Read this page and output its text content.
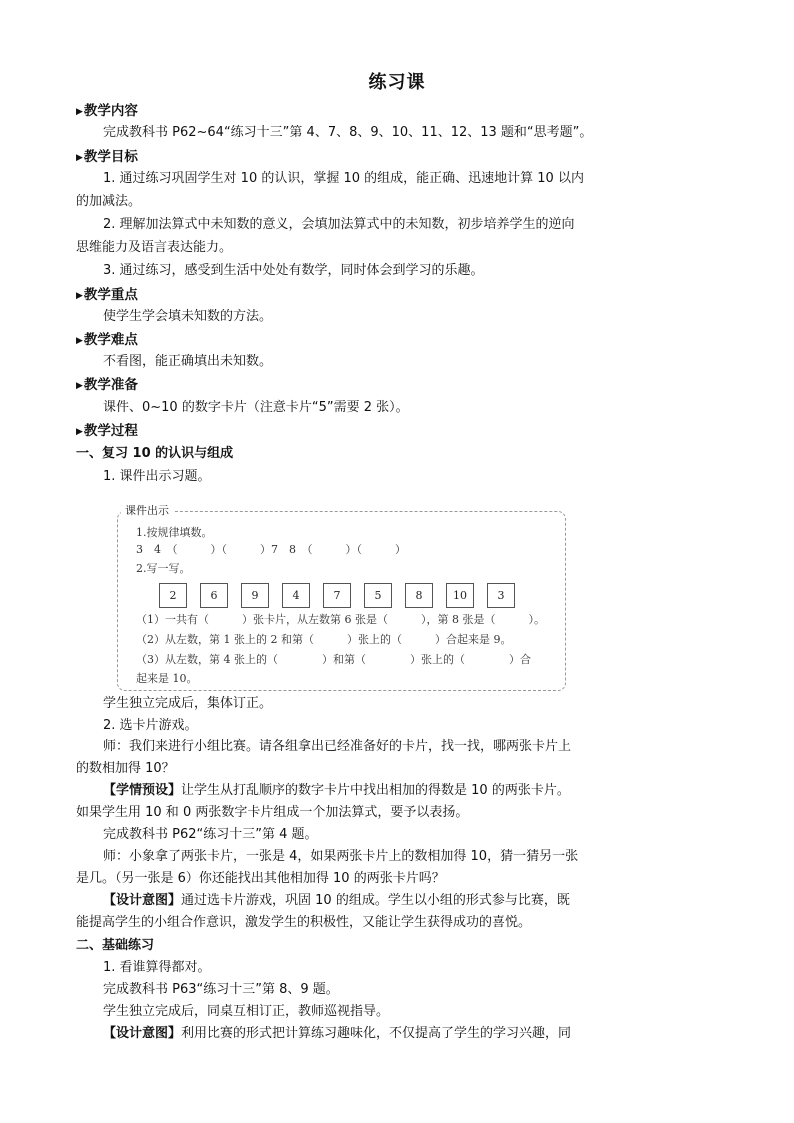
练习课
▶教学内容
完成教科书 P62~64“练习十三”第 4、7、8、9、10、11、12、13 题和“思考题”。
▶教学目标
1. 通过练习巩固学生对 10 的认识，掌握 10 的组成，能正确、迅速地计算 10 以内
的加减法。
2. 理解加法算式中未知数的意义，会填加法算式中的未知数，初步培养学生的逆向
思维能力及语言表达能力。
3. 通过练习，感受到生活中处处有数学，同时体会到学习的乐趣。
▶教学重点
使学生学会填未知数的方法。
▶教学难点
不看图，能正确填出未知数。
▶教学准备
课件、0~10 的数字卡片（注意卡片“5”需要 2 张）。
▶教学过程
一、复习 10 的认识与组成
1. 课件出示习题。
课件出示
1.按规律填数。
3　4　（　　　）（　　　）7　8　（　　　）（　　　）
2.写一写。
2	6	9	4	7	5	8	10	3
（1）一共有（　　　）张卡片，从左数第 6 张是（　　　），第 8 张是（　　　）。
（2）从左数，第 1 张上的 2 和第（　　　）张上的（　　　）合起来是 9。
（3）从左数，第 4 张上的（　　　　）和第（　　　　）张上的（　　　　）合
起来是 10。
学生独立完成后，集体订正。
2. 选卡片游戏。
师：我们来进行小组比赛。请各组拿出已经准备好的卡片，找一找，哪两张卡片上
的数相加得 10？
【学情预设】让学生从打乱顺序的数字卡片中找出相加的得数是 10 的两张卡片。
如果学生用 10 和 0 两张数字卡片组成一个加法算式，要予以表扬。
完成教科书 P62“练习十三”第 4 题。
师：小象拿了两张卡片，一张是 4，如果两张卡片上的数相加得 10，猜一猜另一张
是几。（另一张是 6）你还能找出其他相加得 10 的两张卡片吗？
【设计意图】通过选卡片游戏，巩固 10 的组成。学生以小组的形式参与比赛，既
能提高学生的小组合作意识，激发学生的积极性，又能让学生获得成功的喜悦。
二、基础练习
1. 看谁算得都对。
完成教科书 P63“练习十三”第 8、9 题。
学生独立完成后，同桌互相订正，教师巡视指导。
【设计意图】利用比赛的形式把计算练习趣味化，不仅提高了学生的学习兴趣，同
